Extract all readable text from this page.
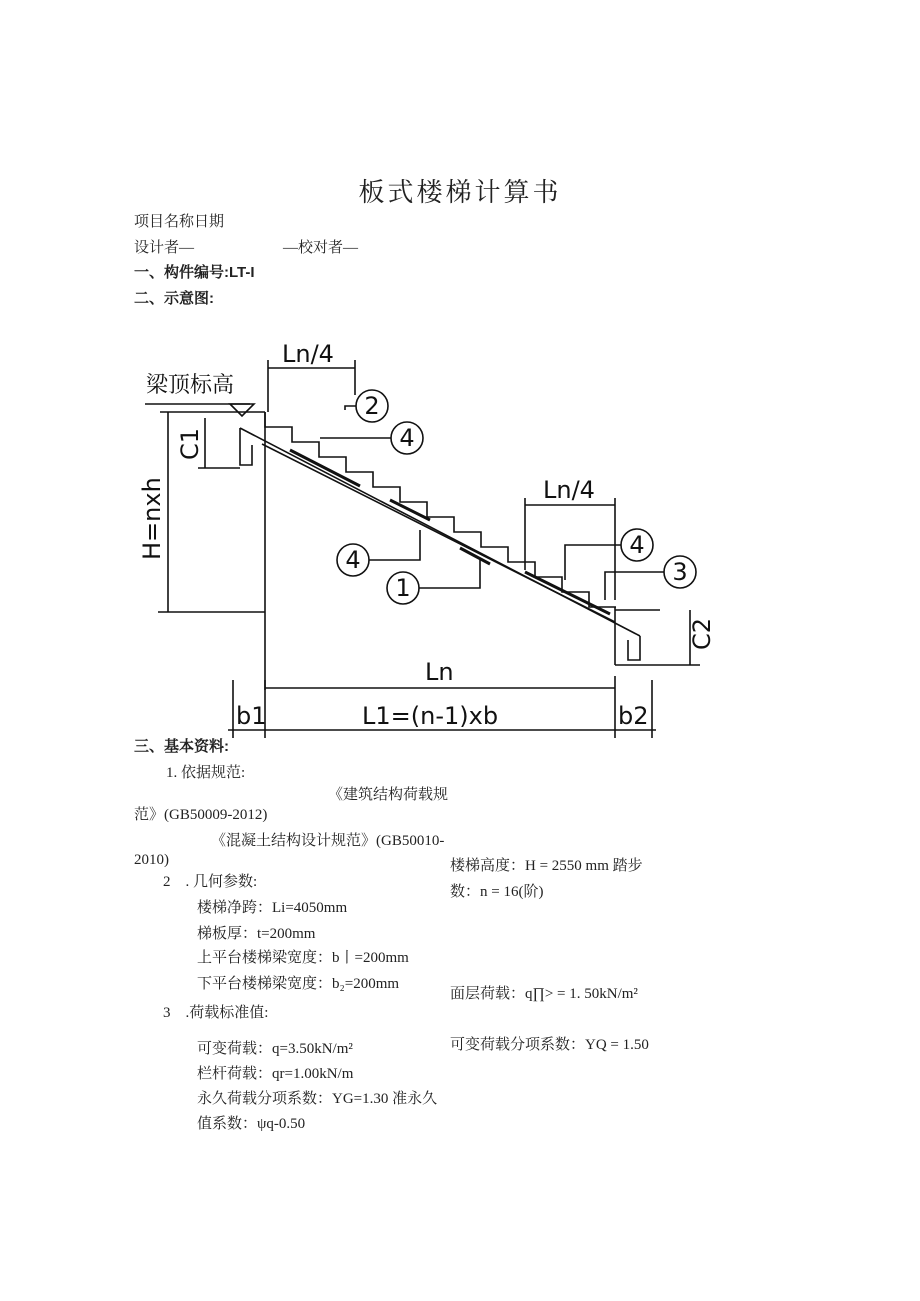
板式楼梯计算书
项目名称日期
设计者—	—校对者—
一、构件编号:LT-I
二、示意图:
梁顶标高
H=nxh
C1
C2
Ln/4
Ln/4
2
4
4
1
4
3
Ln
b1	L1=(n-1)xb	b2
三、基本资料:
1. 依据规范:
《建筑结构荷载规
范》(GB50009-2012)
《混凝土结构设计规范》(GB50010-
2010)	楼梯高度：H = 2550 mm 踏步
数：n = 16(阶)
2　. 几何参数:
楼梯净跨：Li=4050mm
梯板厚：t=200mm
上平台楼梯梁宽度：b丨=200mm
下平台楼梯梁宽度：b₂=200mm
面层荷载：q∏> = 1. 50kN/m²
3　.荷载标准值:
可变荷载：q=3.50kN/m²	可变荷载分项系数：YQ = 1.50
栏杆荷载：qr=1.00kN/m
永久荷载分项系数：YG=1.30 准永久
值系数：ψq-0.50
